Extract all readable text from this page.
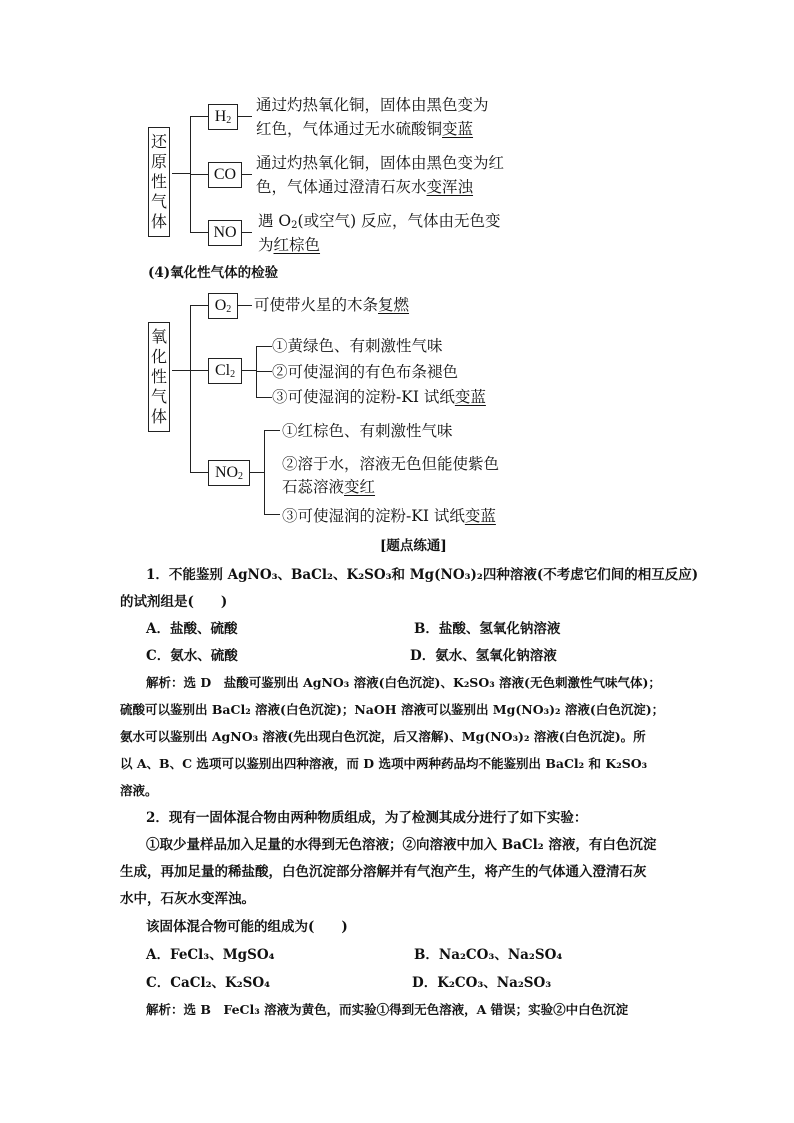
还
原
性
气
体
$H_2$
通过灼热氧化铜，固体由黑色变为
红色，气体通过无水硫酸铜变蓝
CO
通过灼热氧化铜，固体由黑色变为红
色，气体通过澄清石灰水变浑浊
NO
遇 $O_2$(或空气) 反应，气体由无色变
为红棕色
(4)氧化性气体的检验
氧
化
性
气
体
$O_2$	可使带火星的木条复燃
$Cl_2$
①黄绿色、有刺激性气味
②可使湿润的有色布条褪色
③可使湿润的淀粉-KI 试纸变蓝
$NO_2$
①红棕色、有刺激性气味
②溶于水，溶液无色但能使紫色
石蕊溶液变红
③可使湿润的淀粉-KI 试纸变蓝
[题点练通]
1．不能鉴别 AgNO₃、BaCl₂、K₂SO₃和 Mg(NO₃)₂四种溶液(不考虑它们间的相互反应)
的试剂组是(　　)
A．盐酸、硫酸	B．盐酸、氢氧化钠溶液
C．氨水、硫酸	D．氨水、氢氧化钠溶液
解析：选 D　盐酸可鉴别出 AgNO₃ 溶液(白色沉淀)、K₂SO₃ 溶液(无色刺激性气味气体)；
硫酸可以鉴别出 BaCl₂ 溶液(白色沉淀)；NaOH 溶液可以鉴别出 Mg(NO₃)₂ 溶液(白色沉淀)；
氨水可以鉴别出 AgNO₃ 溶液(先出现白色沉淀，后又溶解)、Mg(NO₃)₂ 溶液(白色沉淀)。所
以 A、B、C 选项可以鉴别出四种溶液，而 D 选项中两种药品均不能鉴别出 BaCl₂ 和 K₂SO₃
溶液。
2．现有一固体混合物由两种物质组成，为了检测其成分进行了如下实验：
①取少量样品加入足量的水得到无色溶液；②向溶液中加入 BaCl₂ 溶液，有白色沉淀
生成，再加足量的稀盐酸，白色沉淀部分溶解并有气泡产生，将产生的气体通入澄清石灰
水中，石灰水变浑浊。
该固体混合物可能的组成为(　　)
A．FeCl₃、MgSO₄	B．Na₂CO₃、Na₂SO₄
C．CaCl₂、K₂SO₄	D．K₂CO₃、Na₂SO₃
解析：选 B　FeCl₃ 溶液为黄色，而实验①得到无色溶液，A 错误；实验②中白色沉淀
